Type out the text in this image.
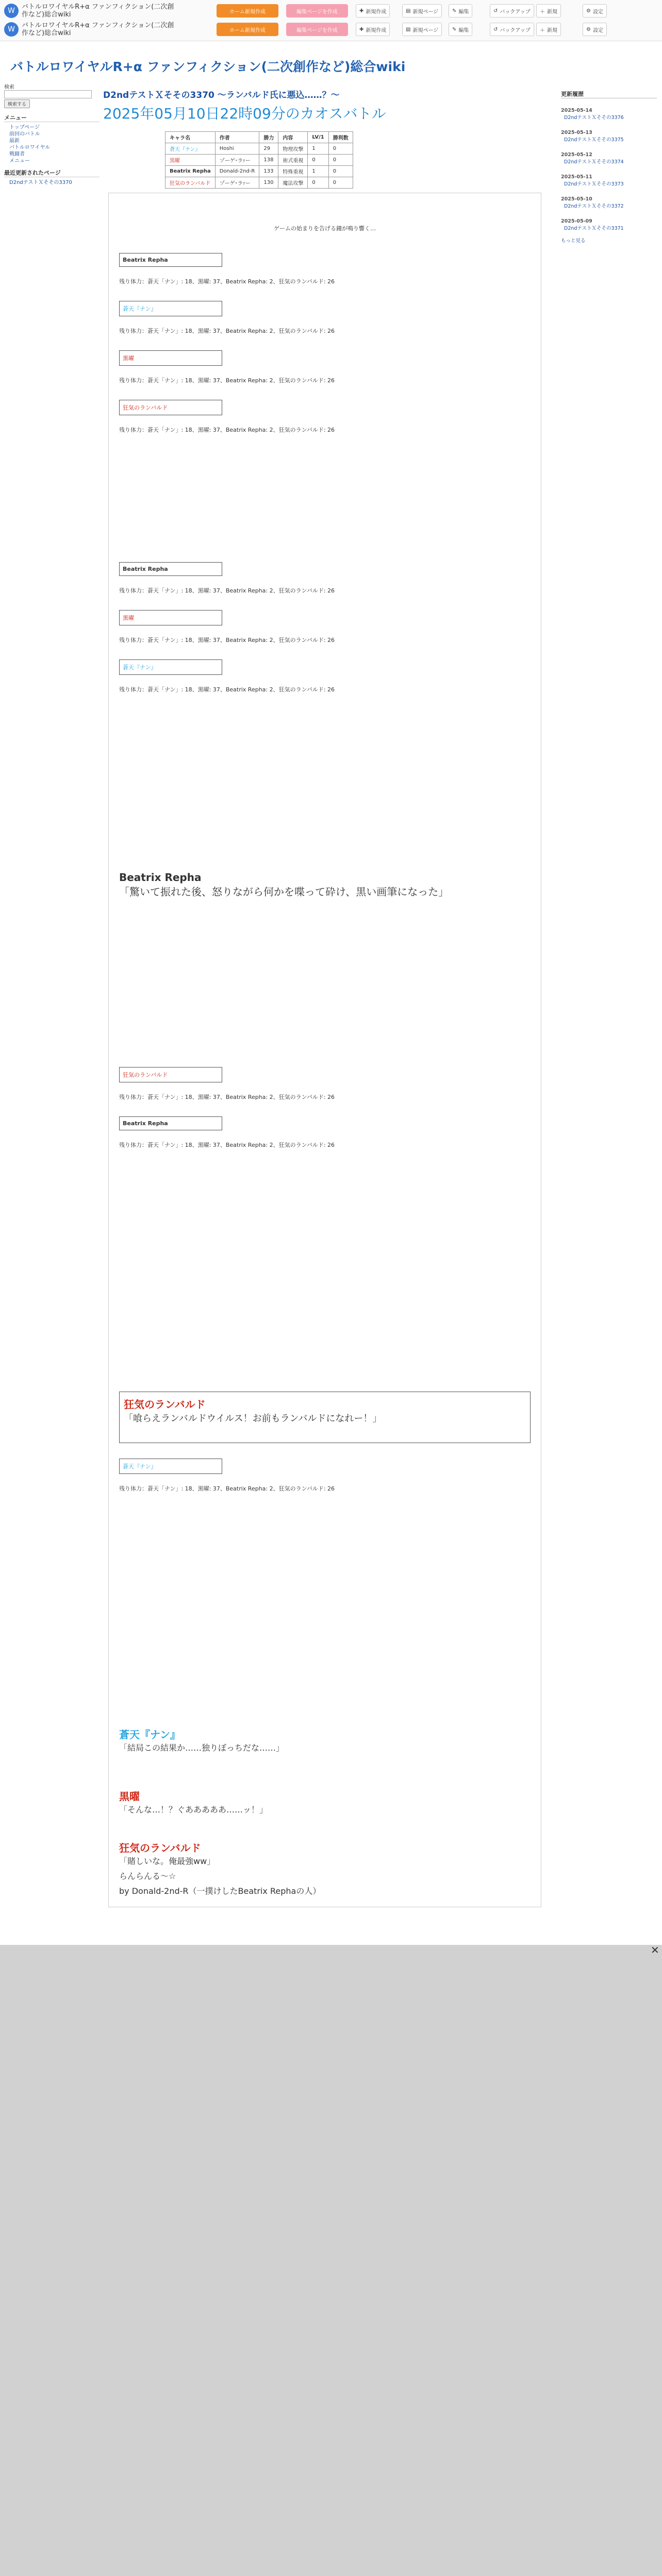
W	バトルロワイヤルR+α ファンフィクション(二次創作など)総合wiki
W	バトルロワイヤルR+α ファンフィクション(二次創作など)総合wiki
ホーム新規作成	編集ページを作成
ホーム新規作成	編集ページを作成
✚ 新規作成	▤ 新規ページ	✎ 編集	↺ バックアップ ＋ 新規	⚙ 設定
✚ 新規作成	▤ 新規ページ	✎ 編集	↺ バックアップ ＋ 新規	⚙ 設定
バトルロワイヤルR+α ファンフィクション(二次創作など)総合wiki
検索
検索する
メニュー
トップページ
前回のバトル
最新
バトルロワイヤル
戦闘者
メニュー
最近更新されたページ
D2ndテストＸそその3370
D2ndテストＸそその3370 〜ランバルド氏に悪込……？〜
2025年05月10日22時09分のカオスバトル
キャラ名	作者	勝力	内容	LV/1	勝利数
蒼天『ナン』	Hoshi	29	物理攻撃	1	0
黒曜	ゾーゲ･ラｧー	138	術式重視	0	0
Beatrix Repha	Donald-2nd-R	133	特殊重視	1	0
狂気のランバルド	ゾーゲ･ラｧー	130	魔法攻撃	0	0
ゲームの始まりを告げる鐘が鳴り響く…
Beatrix Repha
残り体力：蒼天「ナン」: 18、黒曜: 37、Beatrix Repha: 2、狂気のランバルド: 26
蒼天『ナン』
残り体力：蒼天「ナン」: 18、黒曜: 37、Beatrix Repha: 2、狂気のランバルド: 26
黒曜
残り体力：蒼天「ナン」: 18、黒曜: 37、Beatrix Repha: 2、狂気のランバルド: 26
狂気のランバルド
残り体力：蒼天「ナン」: 18、黒曜: 37、Beatrix Repha: 2、狂気のランバルド: 26
Beatrix Repha
残り体力：蒼天「ナン」: 18、黒曜: 37、Beatrix Repha: 2、狂気のランバルド: 26
黒曜
残り体力：蒼天「ナン」: 18、黒曜: 37、Beatrix Repha: 2、狂気のランバルド: 26
蒼天『ナン』
残り体力：蒼天「ナン」: 18、黒曜: 37、Beatrix Repha: 2、狂気のランバルド: 26
Beatrix Repha
「驚いて振れた後、怒りながら何かを喋って砕け、黒い画筆になった」
狂気のランバルド
残り体力：蒼天「ナン」: 18、黒曜: 37、Beatrix Repha: 2、狂気のランバルド: 26
Beatrix Repha
残り体力：蒼天「ナン」: 18、黒曜: 37、Beatrix Repha: 2、狂気のランバルド: 26
狂気のランバルド
「喰らえランバルドウイルス！お前もランバルドになれー！」
蒼天『ナン』
残り体力：蒼天「ナン」: 18、黒曜: 37、Beatrix Repha: 2、狂気のランバルド: 26
蒼天『ナン』
「結局この結果か……独りぼっちだな……」
黒曜
「そんな…！？ぐあああああ……ッ！」
狂気のランバルド
「賭しいな。俺最強ww」
らんらんる〜☆
by Donald-2nd-R（一撲けしたBeatrix Rephaの人）
更新履歴
2025-05-14
D2ndテストＸそその3376
2025-05-13
D2ndテストＸそその3375
2025-05-12
D2ndテストＸそその3374
2025-05-11
D2ndテストＸそその3373
2025-05-10
D2ndテストＸそその3372
2025-05-09
D2ndテストＸそその3371
もっと見る
✕
